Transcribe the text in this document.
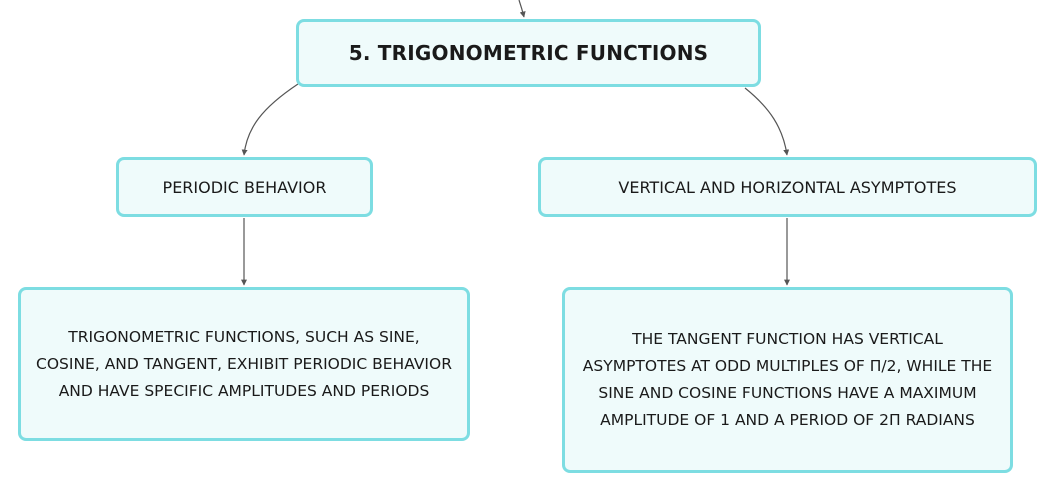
5. TRIGONOMETRIC FUNCTIONS
PERIODIC BEHAVIOR	VERTICAL AND HORIZONTAL ASYMPTOTES
TRIGONOMETRIC FUNCTIONS, SUCH AS SINE, COSINE, AND TANGENT, EXHIBIT PERIODIC BEHAVIOR AND HAVE SPECIFIC AMPLITUDES AND PERIODS
THE TANGENT FUNCTION HAS VERTICAL ASYMPTOTES AT ODD MULTIPLES OF Π/2, WHILE THE SINE AND COSINE FUNCTIONS HAVE A MAXIMUM AMPLITUDE OF 1 AND A PERIOD OF 2Π RADIANS
